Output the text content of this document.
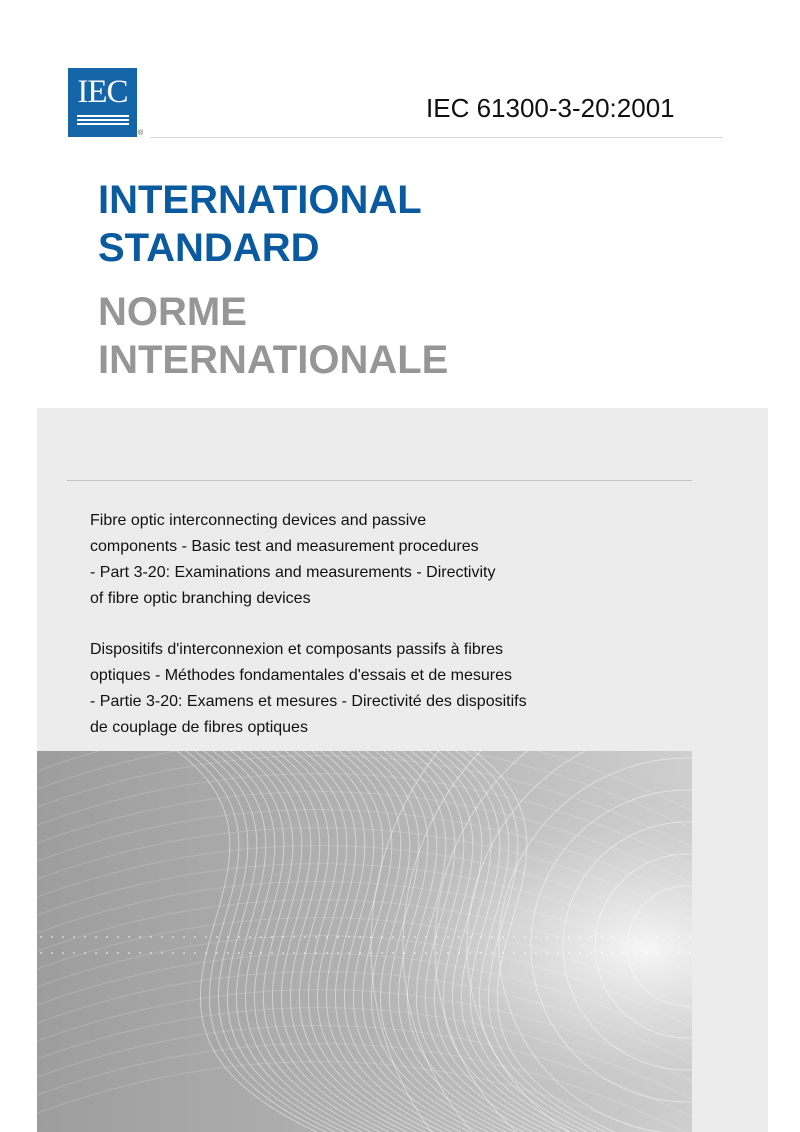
IEC
®
IEC 61300-3-20:2001
INTERNATIONAL
STANDARD
NORME
INTERNATIONALE

Fibre optic interconnecting devices and passive
components - Basic test and measurement procedures
- Part 3-20: Examinations and measurements - Directivity
of fibre optic branching devices

Dispositifs d'interconnexion et composants passifs à fibres
optiques - Méthodes fondamentales d'essais et de mesures
- Partie 3-20: Examens et mesures - Directivité des dispositifs
de couplage de fibres optiques
